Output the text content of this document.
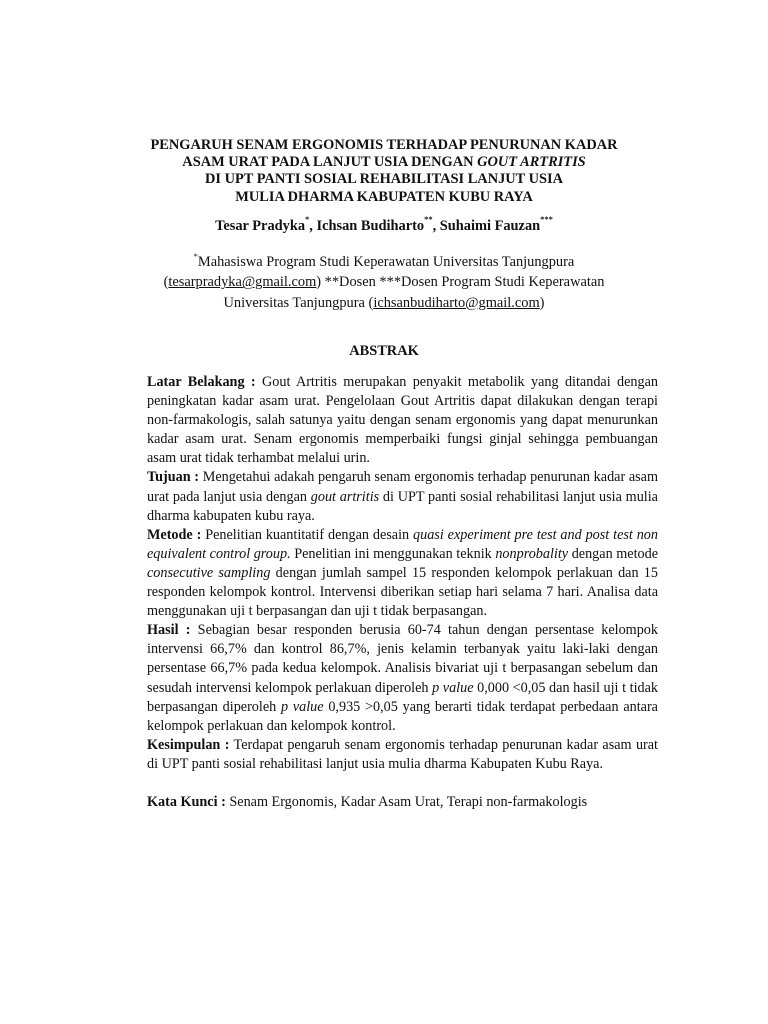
PENGARUH SENAM ERGONOMIS TERHADAP PENURUNAN KADAR
ASAM URAT PADA LANJUT USIA DENGAN GOUT ARTRITIS
DI UPT PANTI SOSIAL REHABILITASI LANJUT USIA
MULIA DHARMA KABUPATEN KUBU RAYA
Tesar Pradyka*, Ichsan Budiharto**, Suhaimi Fauzan***
*Mahasiswa Program Studi Keperawatan Universitas Tanjungpura
(tesarpradyka@gmail.com) **Dosen ***Dosen Program Studi Keperawatan
Universitas Tanjungpura (ichsanbudiharto@gmail.com)
ABSTRAK

Latar Belakang : Gout Artritis merupakan penyakit metabolik yang ditandai dengan peningkatan kadar asam urat. Pengelolaan Gout Artritis dapat dilakukan dengan terapi non-farmakologis, salah satunya yaitu dengan senam ergonomis yang dapat menurunkan kadar asam urat. Senam ergonomis memperbaiki fungsi ginjal sehingga pembuangan asam urat tidak terhambat melalui urin.

Tujuan : Mengetahui adakah pengaruh senam ergonomis terhadap penurunan kadar asam urat pada lanjut usia dengan gout artritis di UPT panti sosial rehabilitasi lanjut usia mulia dharma kabupaten kubu raya.

Metode : Penelitian kuantitatif dengan desain quasi experiment pre test and post test non equivalent control group. Penelitian ini menggunakan teknik nonprobality dengan metode consecutive sampling dengan jumlah sampel 15 responden kelompok perlakuan dan 15 responden kelompok kontrol. Intervensi diberikan setiap hari selama 7 hari. Analisa data menggunakan uji t berpasangan dan uji t tidak berpasangan.

Hasil : Sebagian besar responden berusia 60-74 tahun dengan persentase kelompok intervensi 66,7% dan kontrol 86,7%, jenis kelamin terbanyak yaitu laki-laki dengan persentase 66,7% pada kedua kelompok. Analisis bivariat uji t berpasangan sebelum dan sesudah intervensi kelompok perlakuan diperoleh p value 0,000 <0,05 dan hasil uji t tidak berpasangan diperoleh p value 0,935 >0,05 yang berarti tidak terdapat perbedaan antara kelompok perlakuan dan kelompok kontrol.

Kesimpulan : Terdapat pengaruh senam ergonomis terhadap penurunan kadar asam urat di UPT panti sosial rehabilitasi lanjut usia mulia dharma Kabupaten Kubu Raya.

Kata Kunci : Senam Ergonomis, Kadar Asam Urat, Terapi non-farmakologis
